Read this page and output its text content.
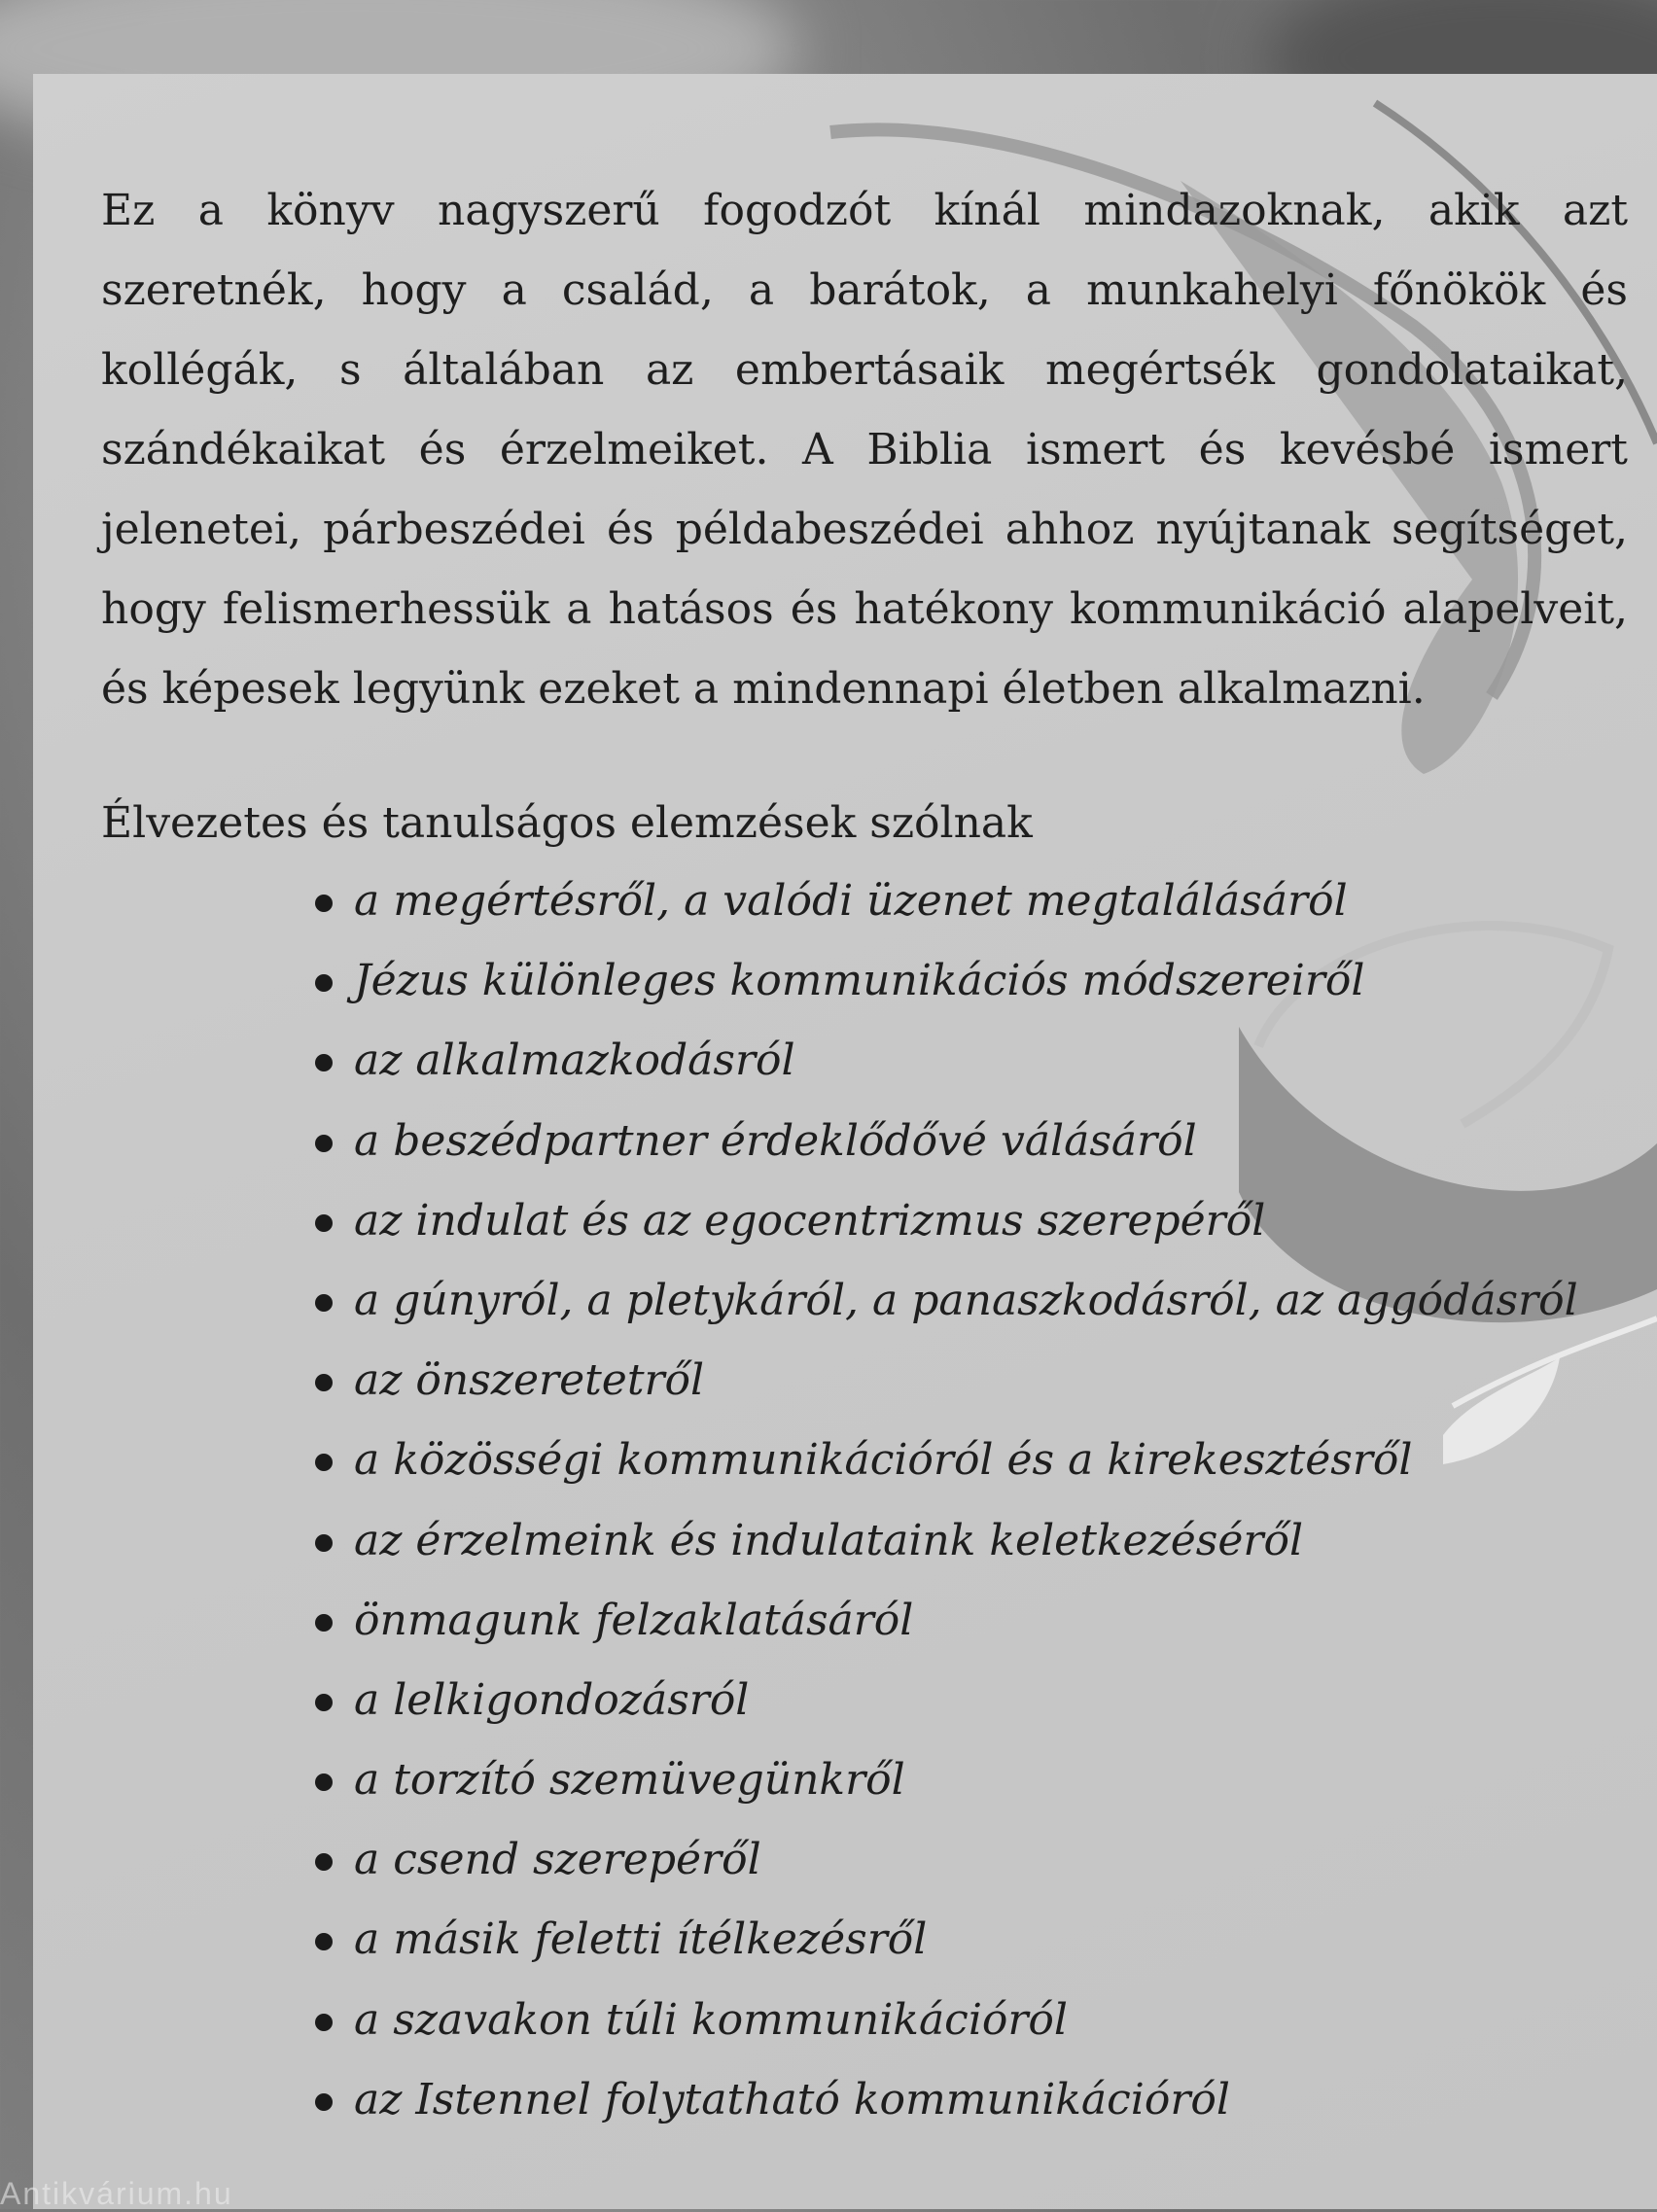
Ez a könyv nagyszerű fogodzót kínál mindazoknak, akik azt szeretnék, hogy a család, a barátok, a munkahelyi főnökök és kollégák, s általában az embertásaik megértsék gondolataikat, szándékaikat és érzelmeiket. A Biblia ismert és kevésbé ismert jelenetei, párbeszédei és példabeszédei ahhoz nyújtanak segítséget, hogy felismerhessük a hatásos és hatékony kommunikáció alapelveit, és képesek legyünk ezeket a mindennapi életben alkalmazni.

Élvezetes és tanulságos elemzések szólnak

a megértésről, a valódi üzenet megtalálásáról
Jézus különleges kommunikációs módszereiről
az alkalmazkodásról
a beszédpartner érdeklődővé válásáról
az indulat és az egocentrizmus szerepéről
a gúnyról, a pletykáról, a panaszkodásról, az aggódásról
az önszeretetről
a közösségi kommunikációról és a kirekesztésről
az érzelmeink és indulataink keletkezéséről
önmagunk felzaklatásáról
a lelkigondozásról
a torzító szemüvegünkről
a csend szerepéről
a másik feletti ítélkezésről
a szavakon túli kommunikációról
az Istennel folytatható kommunikációról
Antikvárium.hu
